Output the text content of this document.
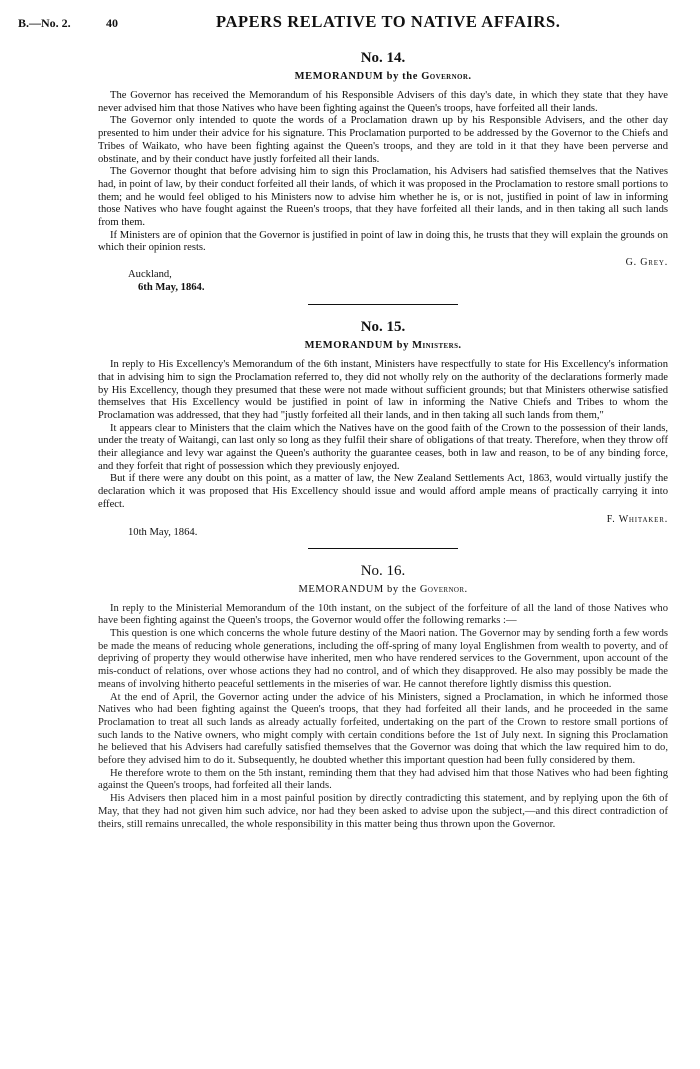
B.—No. 2.	40	PAPERS RELATIVE TO NATIVE AFFAIRS.
No. 14.
MEMORANDUM by the Governor.

The Governor has received the Memorandum of his Responsible Advisers of this day's date, in which they state that they have never advised him that those Natives who have been fighting against the Queen's troops, have forfeited all their lands.

The Governor only intended to quote the words of a Proclamation drawn up by his Responsible Advisers, and the other day presented to him under their advice for his signature. This Proclamation purported to be addressed by the Governor to the Chiefs and Tribes of Waikato, who have been fighting against the Queen's troops, and they are told in it that they have been perverse and obstinate, and by their conduct have justly forfeited all their lands.

The Governor thought that before advising him to sign this Proclamation, his Advisers had satisfied themselves that the Natives had, in point of law, by their conduct forfeited all their lands, of which it was proposed in the Proclamation to restore small portions to them; and he would feel obliged to his Ministers now to advise him whether he is, or is not, justified in point of law in informing those Natives who have fought against the Rueen's troops, that they have forfeited all their lands, and in then taking all such lands from them.

If Ministers are of opinion that the Governor is justified in point of law in doing this, he trusts that they will explain the grounds on which their opinion rests.

G. Grey.
Auckland,
6th May, 1864.
No. 15.
MEMORANDUM by Ministers.

In reply to His Excellency's Memorandum of the 6th instant, Ministers have respectfully to state for His Excellency's information that in advising him to sign the Proclamation referred to, they did not wholly rely on the authority of the declarations formerly made by His Excellency, though they presumed that these were not made without sufficient grounds; but that Ministers otherwise satisfied themselves that His Excellency would be justified in point of law in informing the Native Chiefs and Tribes to whom the Proclamation was addressed, that they had "justly forfeited all their lands, and in then taking all such lands from them,"

It appears clear to Ministers that the claim which the Natives have on the good faith of the Crown to the possession of their lands, under the treaty of Waitangi, can last only so long as they fulfil their share of obligations of that treaty. Therefore, when they throw off their allegiance and levy war against the Queen's authority the guarantee ceases, both in law and reason, to be of any binding force, and they forfeit that right of possession which they previously enjoyed.

But if there were any doubt on this point, as a matter of law, the New Zealand Settlements Act, 1863, would virtually justify the declaration which it was proposed that His Excellency should issue and would afford ample means of practically carrying it into effect.

F. Whitaker.
10th May, 1864.
No. 16.
MEMORANDUM by the Governor.

In reply to the Ministerial Memorandum of the 10th instant, on the subject of the forfeiture of all the land of those Natives who have been fighting against the Queen's troops, the Governor would offer the following remarks :—

This question is one which concerns the whole future destiny of the Maori nation. The Governor may by sending forth a few words be made the means of reducing whole generations, including the off-spring of many loyal Englishmen from wealth to poverty, and of depriving of property they would otherwise have inherited, men who have rendered services to the Government, upon account of the mis-conduct of relations, over whose actions they had no control, and of which they disapproved. He also may possibly be made the means of involving hitherto peaceful settlements in the miseries of war. He cannot therefore lightly dismiss this question.

At the end of April, the Governor acting under the advice of his Ministers, signed a Proclamation, in which he informed those Natives who had been fighting against the Queen's troops, that they had forfeited all their lands, and he proceeded in the same Proclamation to treat all such lands as already actually forfeited, undertaking on the part of the Crown to restore small portions of such lands to the Native owners, who might comply with certain conditions before the 1st of July next. In signing this Proclamation he believed that his Advisers had carefully satisfied themselves that the Governor was doing that which the law required him to do, before they advised him to do it. Subsequently, he doubted whether this important question had been fully considered by them.

He therefore wrote to them on the 5th instant, reminding them that they had advised him that those Natives who had been fighting against the Queen's troops, had forfeited all their lands.

His Advisers then placed him in a most painful position by directly contradicting this statement, and by replying upon the 6th of May, that they had not given him such advice, nor had they been asked to advise upon the subject,—and this direct contradiction of theirs, still remains unrecalled, the whole responsibility in this matter being thus thrown upon the Governor.
